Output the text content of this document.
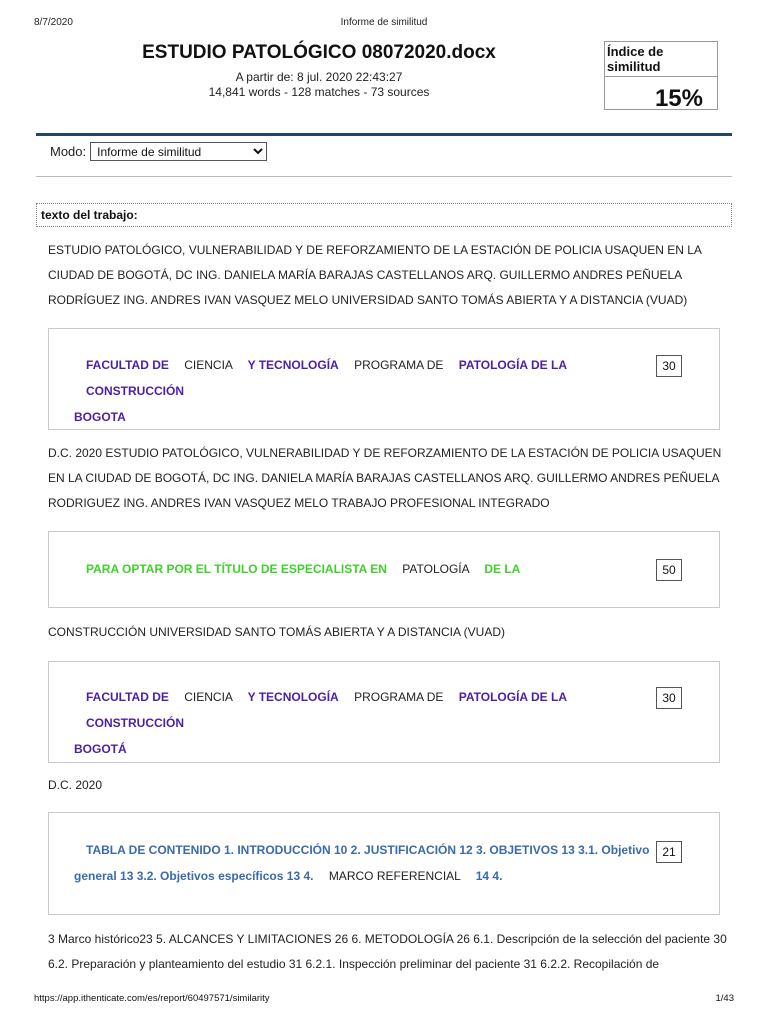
8/7/2020	Informe de similitud
ESTUDIO PATOLÓGICO 08072020.docx
A partir de: 8 jul. 2020 22:43:27
14,841 words - 128 matches - 73 sources
Índice de similitud
15%
Modo:
Informe de similitud
texto del trabajo:
ESTUDIO PATOLÓGICO, VULNERABILIDAD Y DE REFORZAMIENTO DE LA ESTACIÓN DE POLICIA USAQUEN EN LA CIUDAD DE BOGOTÁ, DC ING. DANIELA MARÍA BARAJAS CASTELLANOS ARQ. GUILLERMO ANDRES PEÑUELA RODRÍGUEZ ING. ANDRES IVAN VASQUEZ MELO UNIVERSIDAD SANTO TOMÁS ABIERTA Y A DISTANCIA (VUAD)
FACULTAD DE CIENCIA Y TECNOLOGÍA PROGRAMA DE PATOLOGÍA DE LA CONSTRUCCIÓN
BOGOTA
30
D.C. 2020 ESTUDIO PATOLÓGICO, VULNERABILIDAD Y DE REFORZAMIENTO DE LA ESTACIÓN DE POLICIA USAQUEN EN LA CIUDAD DE BOGOTÁ, DC ING. DANIELA MARÍA BARAJAS CASTELLANOS ARQ. GUILLERMO ANDRES PEÑUELA RODRIGUEZ ING. ANDRES IVAN VASQUEZ MELO TRABAJO PROFESIONAL INTEGRADO
PARA OPTAR POR EL TÍTULO DE ESPECIALISTA EN PATOLOGÍA DE LA	50
CONSTRUCCIÓN UNIVERSIDAD SANTO TOMÁS ABIERTA Y A DISTANCIA (VUAD)
FACULTAD DE CIENCIA Y TECNOLOGÍA PROGRAMA DE PATOLOGÍA DE LA CONSTRUCCIÓN
BOGOTÁ
30
D.C. 2020
TABLA DE CONTENIDO 1. INTRODUCCIÓN 10 2. JUSTIFICACIÓN 12 3. OBJETIVOS 13 3.1. Objetivo
general 13 3.2. Objetivos específicos 13 4. MARCO REFERENCIAL 14 4.
21
3 Marco histórico23 5. ALCANCES Y LIMITACIONES 26 6. METODOLOGÍA 26 6.1. Descripción de la selección del paciente 30 6.2. Preparación y planteamiento del estudio 31 6.2.1. Inspección preliminar del paciente 31 6.2.2. Recopilación de
https://app.ithenticate.com/es/report/60497571/similarity	1/43
